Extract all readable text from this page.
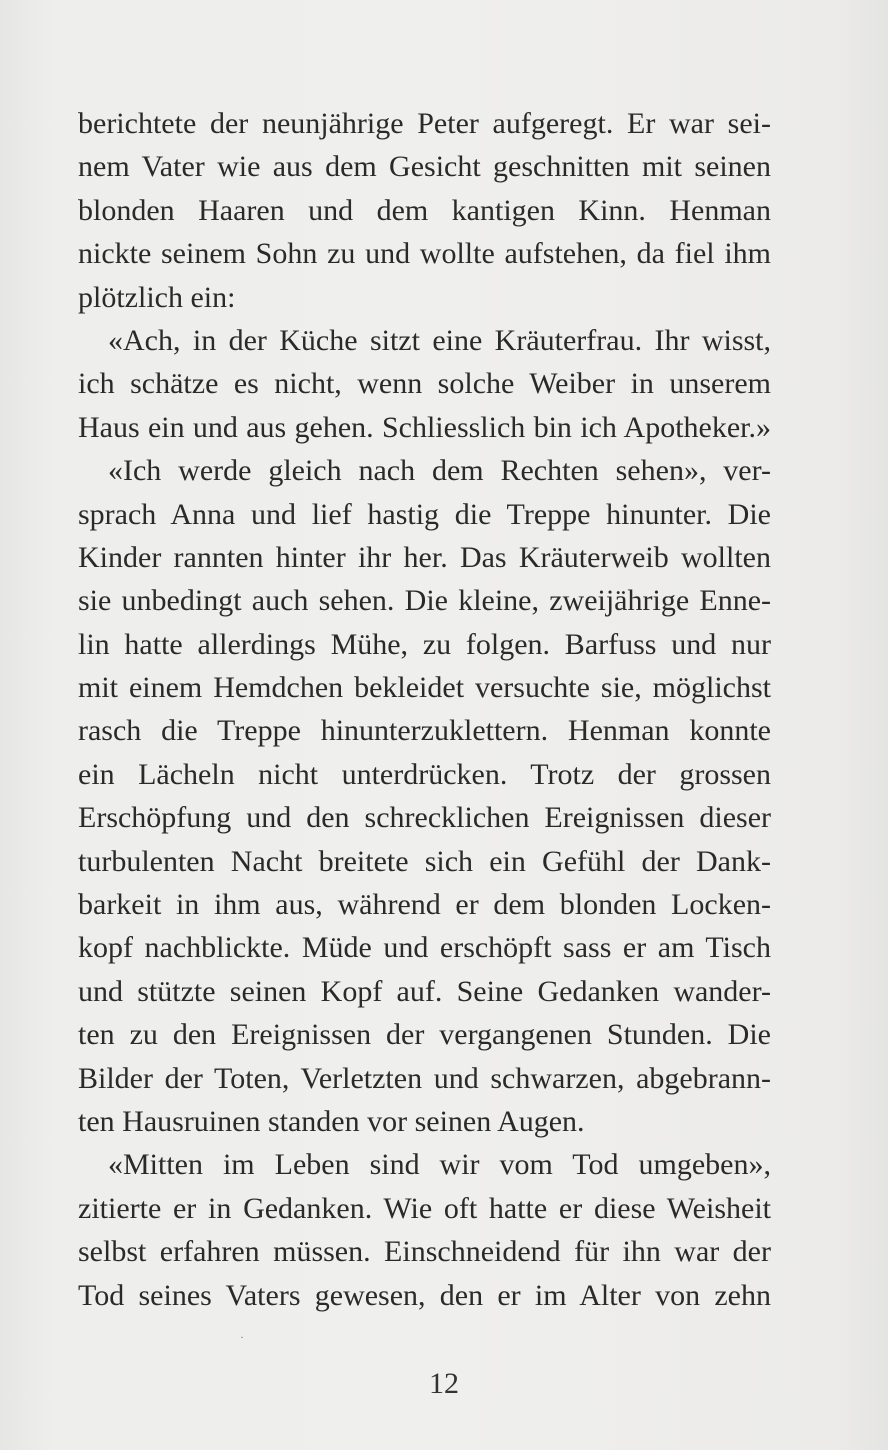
berichtete der neunjährige Peter aufgeregt. Er war sei-
nem Vater wie aus dem Gesicht geschnitten mit seinen
blonden Haaren und dem kantigen Kinn. Henman
nickte seinem Sohn zu und wollte aufstehen, da fiel ihm
plötzlich ein:
«Ach, in der Küche sitzt eine Kräuterfrau. Ihr wisst,
ich schätze es nicht, wenn solche Weiber in unserem
Haus ein und aus gehen. Schliesslich bin ich Apotheker.»
«Ich werde gleich nach dem Rechten sehen», ver-
sprach Anna und lief hastig die Treppe hinunter. Die
Kinder rannten hinter ihr her. Das Kräuterweib wollten
sie unbedingt auch sehen. Die kleine, zweijährige Enne-
lin hatte allerdings Mühe, zu folgen. Barfuss und nur
mit einem Hemdchen bekleidet versuchte sie, möglichst
rasch die Treppe hinunterzuklettern. Henman konnte
ein Lächeln nicht unterdrücken. Trotz der grossen
Erschöpfung und den schrecklichen Ereignissen dieser
turbulenten Nacht breitete sich ein Gefühl der Dank-
barkeit in ihm aus, während er dem blonden Locken-
kopf nachblickte. Müde und erschöpft sass er am Tisch
und stützte seinen Kopf auf. Seine Gedanken wander-
ten zu den Ereignissen der vergangenen Stunden. Die
Bilder der Toten, Verletzten und schwarzen, abgebrann-
ten Hausruinen standen vor seinen Augen.
«Mitten im Leben sind wir vom Tod umgeben»,
zitierte er in Gedanken. Wie oft hatte er diese Weisheit
selbst erfahren müssen. Einschneidend für ihn war der
Tod seines Vaters gewesen, den er im Alter von zehn
·
12
